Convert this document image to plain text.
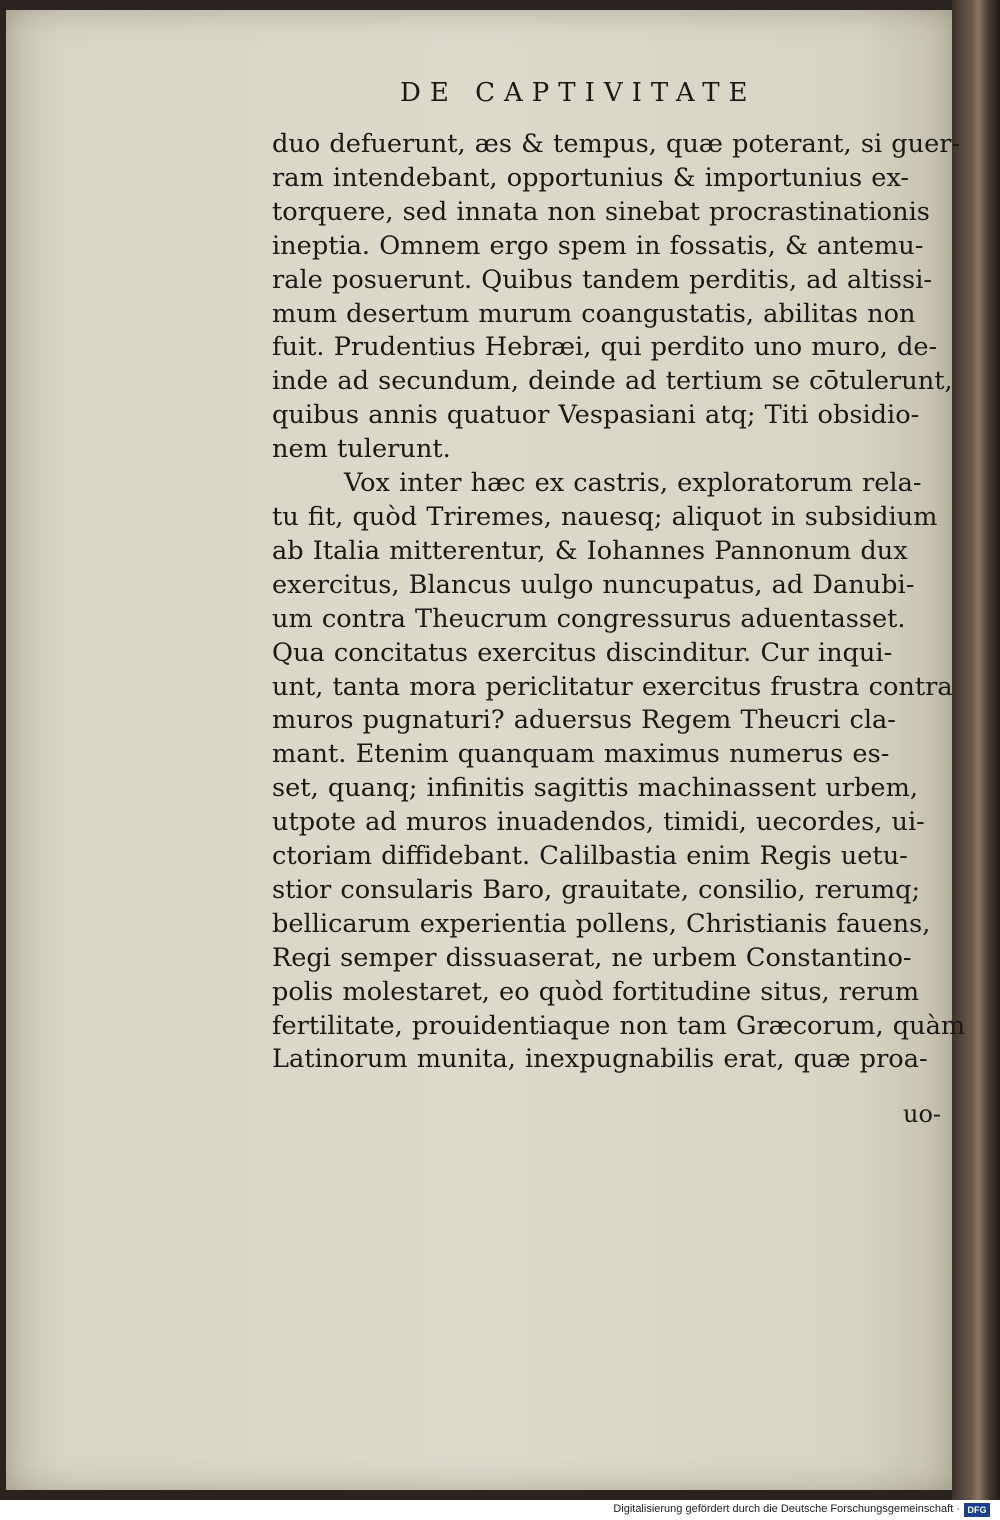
DE CAPTIVITATE
duo defuerunt, æs & tempus, quæ poterant, si guer-
ram intendebant, opportunius & importunius ex-
torquere, sed innata non sinebat procrastinationis
ineptia. Omnem ergo spem in fossatis, & antemu-
rale posuerunt. Quibus tandem perditis, ad altissi-
mum desertum murum coangustatis, abilitas non
fuit. Prudentius Hebræi, qui perdito uno muro, de-
inde ad secundum, deinde ad tertium se cōtulerunt,
quibus annis quatuor Vespasiani atq; Titi obsidio-
nem tulerunt.
Vox inter hæc ex castris, exploratorum rela-
tu fit, quòd Triremes, nauesq; aliquot in subsidium
ab Italia mitterentur, & Iohannes Pannonum dux
exercitus, Blancus uulgo nuncupatus, ad Danubi-
um contra Theucrum congressurus aduentasset.
Qua concitatus exercitus discinditur. Cur inqui-
unt, tanta mora periclitatur exercitus frustra contra
muros pugnaturi? aduersus Regem Theucri cla-
mant. Etenim quanquam maximus numerus es-
set, quanq; infinitis sagittis machinassent urbem,
utpote ad muros inuadendos, timidi, uecordes, ui-
ctoriam diffidebant. Calilbastia enim Regis uetu-
stior consularis Baro, grauitate, consilio, rerumq;
bellicarum experientia pollens, Christianis fauens,
Regi semper dissuaserat, ne urbem Constantino-
polis molestaret, eo quòd fortitudine situs, rerum
fertilitate, prouidentiaque non tam Græcorum, quàm
Latinorum munita, inexpugnabilis erat, quæ proa-
uo-
Digitalisierung gefördert durch die Deutsche Forschungsgemeinschaft · DFG
